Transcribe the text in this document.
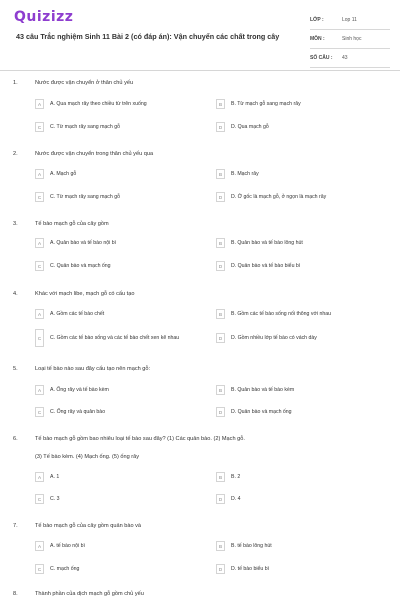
Quizizz
43 câu Trắc nghiệm Sinh 11 Bài 2 (có đáp án): Vận chuyển các chất trong cây
LỚP :	Lop 11
MÔN :	Sinh học
SỐ CÂU :	43
1.	Nước được vận chuyển ở thân chủ yếu
A	A. Qua mạch rây theo chiều từ trên xuống	B	B. Từ mạch gỗ sang mạch rây
C	C. Từ mạch rây sang mạch gỗ	D	D. Qua mạch gỗ
2.	Nước được vận chuyển trong thân chủ yếu qua
A	A. Mạch gỗ	B	B. Mạch rây
C	C. Từ mạch rây sang mạch gỗ	D	D. Ở gốc là mạch gỗ, ở ngọn là mạch rây
3.	Tế bào mạch gỗ của cây gồm
A	A. Quản bào và tế bào nội bì	B	B. Quản bào và tế bào lông hút
C	C. Quản bào và mạch ống	D	D. Quản bào và tế bào biểu bì
4.	Khác với mạch libe, mạch gỗ có cấu tạo
A	A. Gồm các tế bào chết	B	B. Gồm các tế bào sống nối thông với nhau
C	C. Gồm các tế bào sống và các tế bào chết xen kẽ nhau	D	D. Gồm nhiều lớp tế bào có vách dày
5.	Loại tế bào nào sau đây cấu tạo nên mạch gỗ:
A	A. Ống rây và tế bào kèm	B	B. Quản bào và tế bào kèm
C	C. Ống rây và quản bào	D	D. Quản bào và mạch ống
6.	Tế bào mạch gỗ gồm bao nhiêu loại tế bào sau đây? (1) Các quản bào. (2) Mạch gỗ.
(3) Tế bào kèm. (4) Mạch ống. (5) ống rây
A	A. 1	B	B. 2
C	C. 3	D	D. 4
7.	Tế bào mạch gỗ của cây gồm quản bào và
A	A. tế bào nội bì	B	B. tế bào lông hút
C	C. mạch ống	D	D. tế bào biểu bì
8.	Thành phần của dịch mạch gỗ gồm chủ yếu
